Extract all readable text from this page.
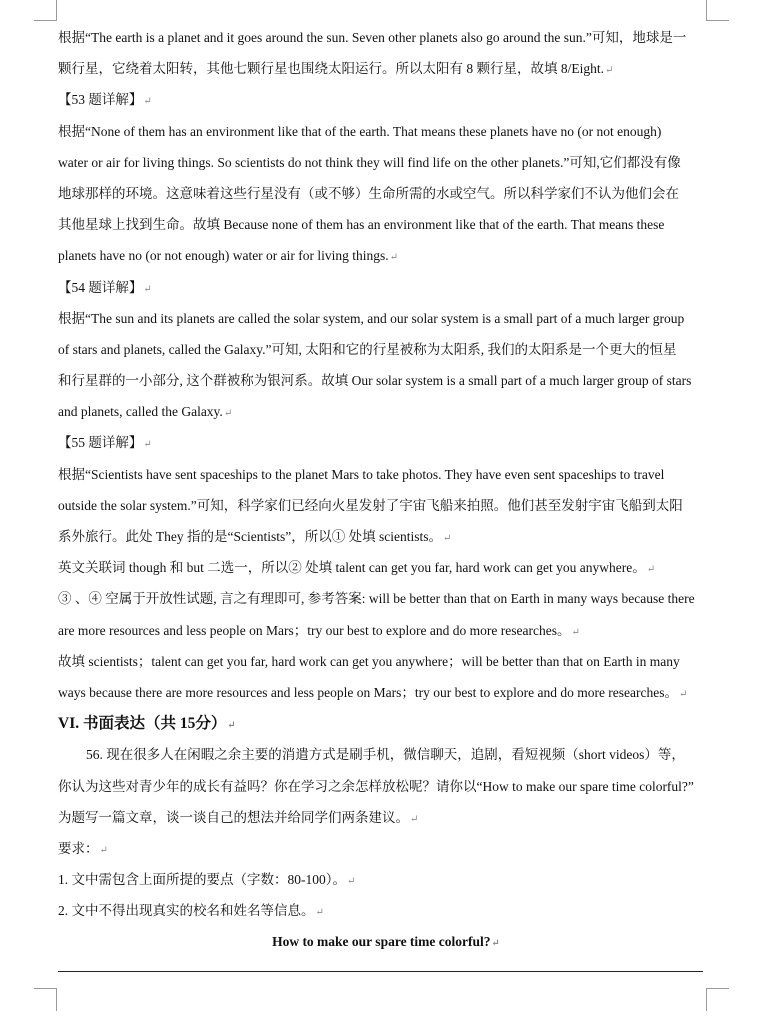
根据“The earth is a planet and it goes around the sun. Seven other planets also go around the sun.”可知，地球是一
颗行星，它绕着太阳转，其他七颗行星也围绕太阳运行。所以太阳有 8 颗行星，故填 8/Eight.↵
【53 题详解】↵
根据“None of them has an environment like that of the earth. That means these planets have no (or not enough)
water or air for living things. So scientists do not think they will find life on the other planets.”可知,它们都没有像
地球那样的环境。这意味着这些行星没有（或不够）生命所需的水或空气。所以科学家们不认为他们会在
其他星球上找到生命。故填 Because none of them has an environment like that of the earth. That means these
planets have no (or not enough) water or air for living things.↵
【54 题详解】↵
根据“The sun and its planets are called the solar system, and our solar system is a small part of a much larger group
of stars and planets, called the Galaxy.”可知, 太阳和它的行星被称为太阳系, 我们的太阳系是一个更大的恒星
和行星群的一小部分, 这个群被称为银河系。故填 Our solar system is a small part of a much larger group of stars
and planets, called the Galaxy.↵
【55 题详解】↵
根据“Scientists have sent spaceships to the planet Mars to take photos. They have even sent spaceships to travel
outside the solar system.”可知，科学家们已经向火星发射了宇宙飞船来拍照。他们甚至发射宇宙飞船到太阳
系外旅行。此处 They 指的是“Scientists”，所以① 处填 scientists。↵
英文关联词 though 和 but 二选一，所以② 处填 talent can get you far, hard work can get you anywhere。↵
③ 、④ 空属于开放性试题, 言之有理即可, 参考答案: will be better than that on Earth in many ways because there
are more resources and less people on Mars；try our best to explore and do more researches。↵
故填 scientists；talent can get you far, hard work can get you anywhere；will be better than that on Earth in many
ways because there are more resources and less people on Mars；try our best to explore and do more researches。↵
VI. 书面表达（共 15分）↵
56. 现在很多人在闲暇之余主要的消遣方式是刷手机，微信聊天，追剧，看短视频（short videos）等，
你认为这些对青少年的成长有益吗？你在学习之余怎样放松呢？请你以“How to make our spare time colorful?”
为题写一篇文章，谈一谈自己的想法并给同学们两条建议。↵
要求：↵
1. 文中需包含上面所提的要点（字数：80-100）。↵
2. 文中不得出现真实的校名和姓名等信息。↵
How to make our spare time colorful?↵
